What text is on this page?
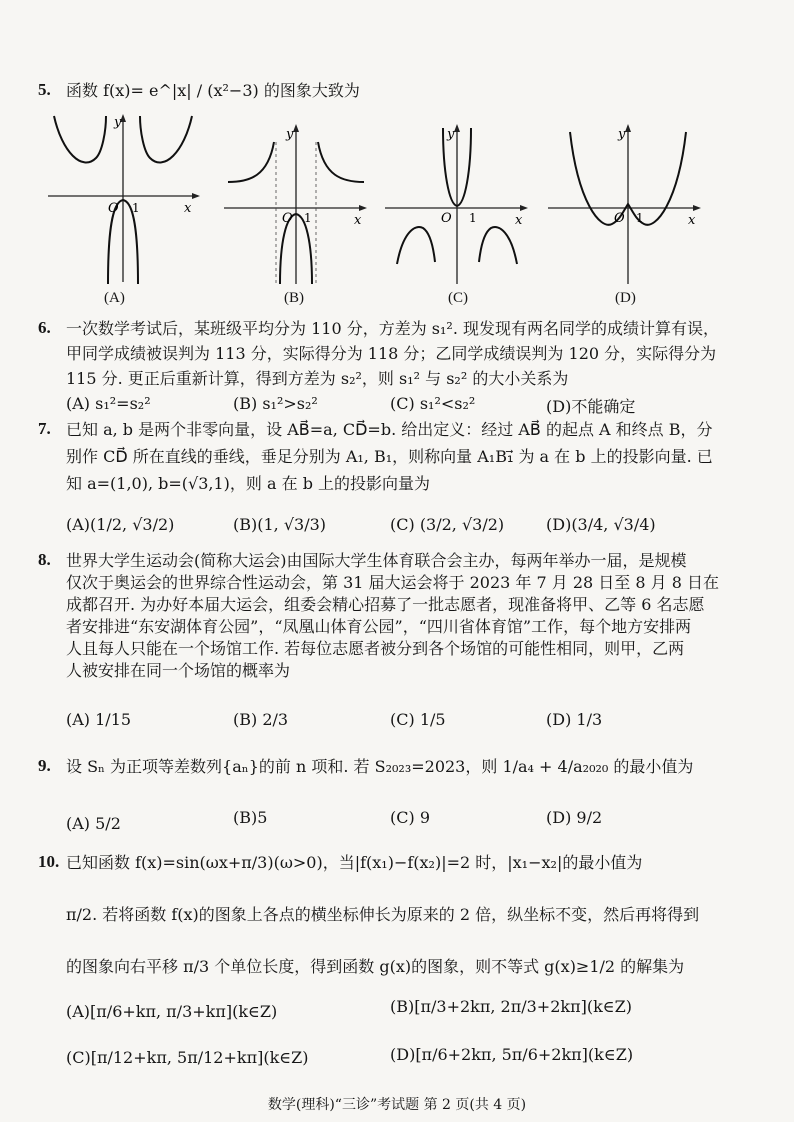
5. 函数 f(x)= e^|x| / (x²−3) 的图象大致为
y
x
O 1
y
x
O 1
y
x
O 1
y
x
O 1
(A)	(B)	(C)	(D)
6. 一次数学考试后，某班级平均分为 110 分，方差为 s₁². 现发现有两名同学的成绩计算有误，
甲同学成绩被误判为 113 分，实际得分为 118 分；乙同学成绩误判为 120 分，实际得分为
115 分. 更正后重新计算，得到方差为 s₂²，则 s₁² 与 s₂² 的大小关系为
(A) s₁²=s₂²	(B) s₁²>s₂²	(C) s₁²<s₂²	(D)不能确定
7. 已知 a, b 是两个非零向量，设 AB⃗=a, CD⃗=b. 给出定义：经过 AB⃗ 的起点 A 和终点 B，分
别作 CD⃗ 所在直线的垂线，垂足分别为 A₁, B₁，则称向量 A₁B₁⃗ 为 a 在 b 上的投影向量. 已
知 a=(1,0), b=(√3,1)，则 a 在 b 上的投影向量为
(A)(1/2, √3/2)	(B)(1, √3/3)	(C) (3/2, √3/2)	(D)(3/4, √3/4)
8. 世界大学生运动会(简称大运会)由国际大学生体育联合会主办，每两年举办一届，是规模
仅次于奥运会的世界综合性运动会，第 31 届大运会将于 2023 年 7 月 28 日至 8 月 8 日在
成都召开. 为办好本届大运会，组委会精心招募了一批志愿者，现准备将甲、乙等 6 名志愿
者安排进“东安湖体育公园”，“凤凰山体育公园”，“四川省体育馆”工作，每个地方安排两
人且每人只能在一个场馆工作. 若每位志愿者被分到各个场馆的可能性相同，则甲，乙两
人被安排在同一个场馆的概率为
(A) 1/15	(B) 2/3	(C) 1/5	(D) 1/3
9. 设 Sₙ 为正项等差数列{aₙ}的前 n 项和. 若 S₂₀₂₃=2023，则 1/a₄ + 4/a₂₀₂₀ 的最小值为
(A) 5/2	(B)5	(C) 9	(D) 9/2
10. 已知函数 f(x)=sin(ωx+π/3)(ω>0)，当|f(x₁)−f(x₂)|=2 时，|x₁−x₂|的最小值为
π/2. 若将函数 f(x)的图象上各点的横坐标伸长为原来的 2 倍，纵坐标不变，然后再将得到
的图象向右平移 π/3 个单位长度，得到函数 g(x)的图象，则不等式 g(x)≥1/2 的解集为
(A)[π/6+kπ, π/3+kπ](k∈Z)	(B)[π/3+2kπ, 2π/3+2kπ](k∈Z)
(C)[π/12+kπ, 5π/12+kπ](k∈Z)	(D)[π/6+2kπ, 5π/6+2kπ](k∈Z)
数学(理科)“三诊”考试题 第 2 页(共 4 页)
